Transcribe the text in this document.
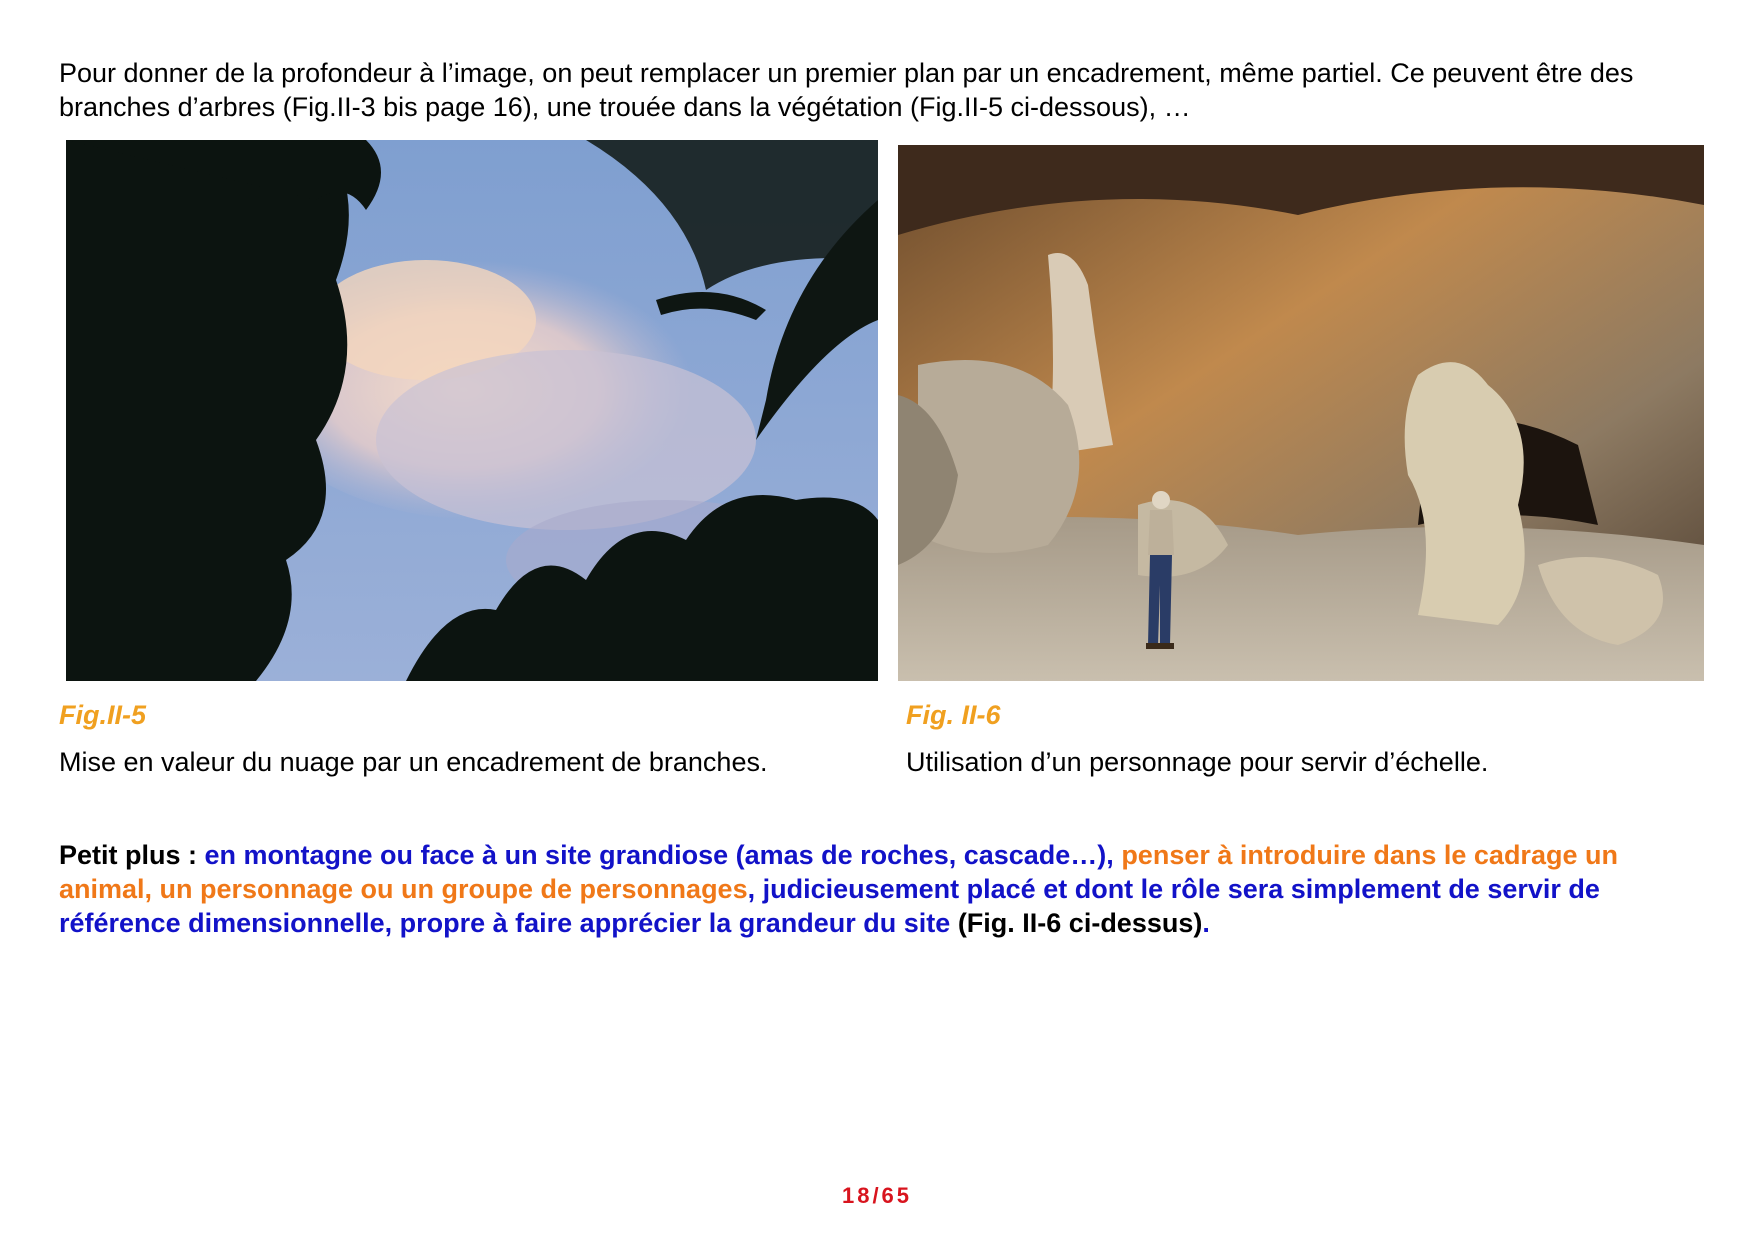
Pour donner de la profondeur à l’image, on peut remplacer un premier plan par un encadrement, même partiel. Ce peuvent être des branches d’arbres (Fig.II-3 bis page 16), une trouée dans la végétation (Fig.II-5 ci-dessous), …

Fig.II-5

Mise en valeur du nuage par un encadrement de branches.

Fig. II-6

Utilisation d’un personnage pour servir d’échelle.

Petit plus : en montagne ou face à un site grandiose (amas de roches, cascade…), penser à introduire dans le cadrage un animal, un personnage ou un groupe de personnages, judicieusement placé et dont le rôle sera simplement de servir de référence dimensionnelle, propre à faire apprécier la grandeur du site (Fig. II-6 ci-dessus).

18/65
